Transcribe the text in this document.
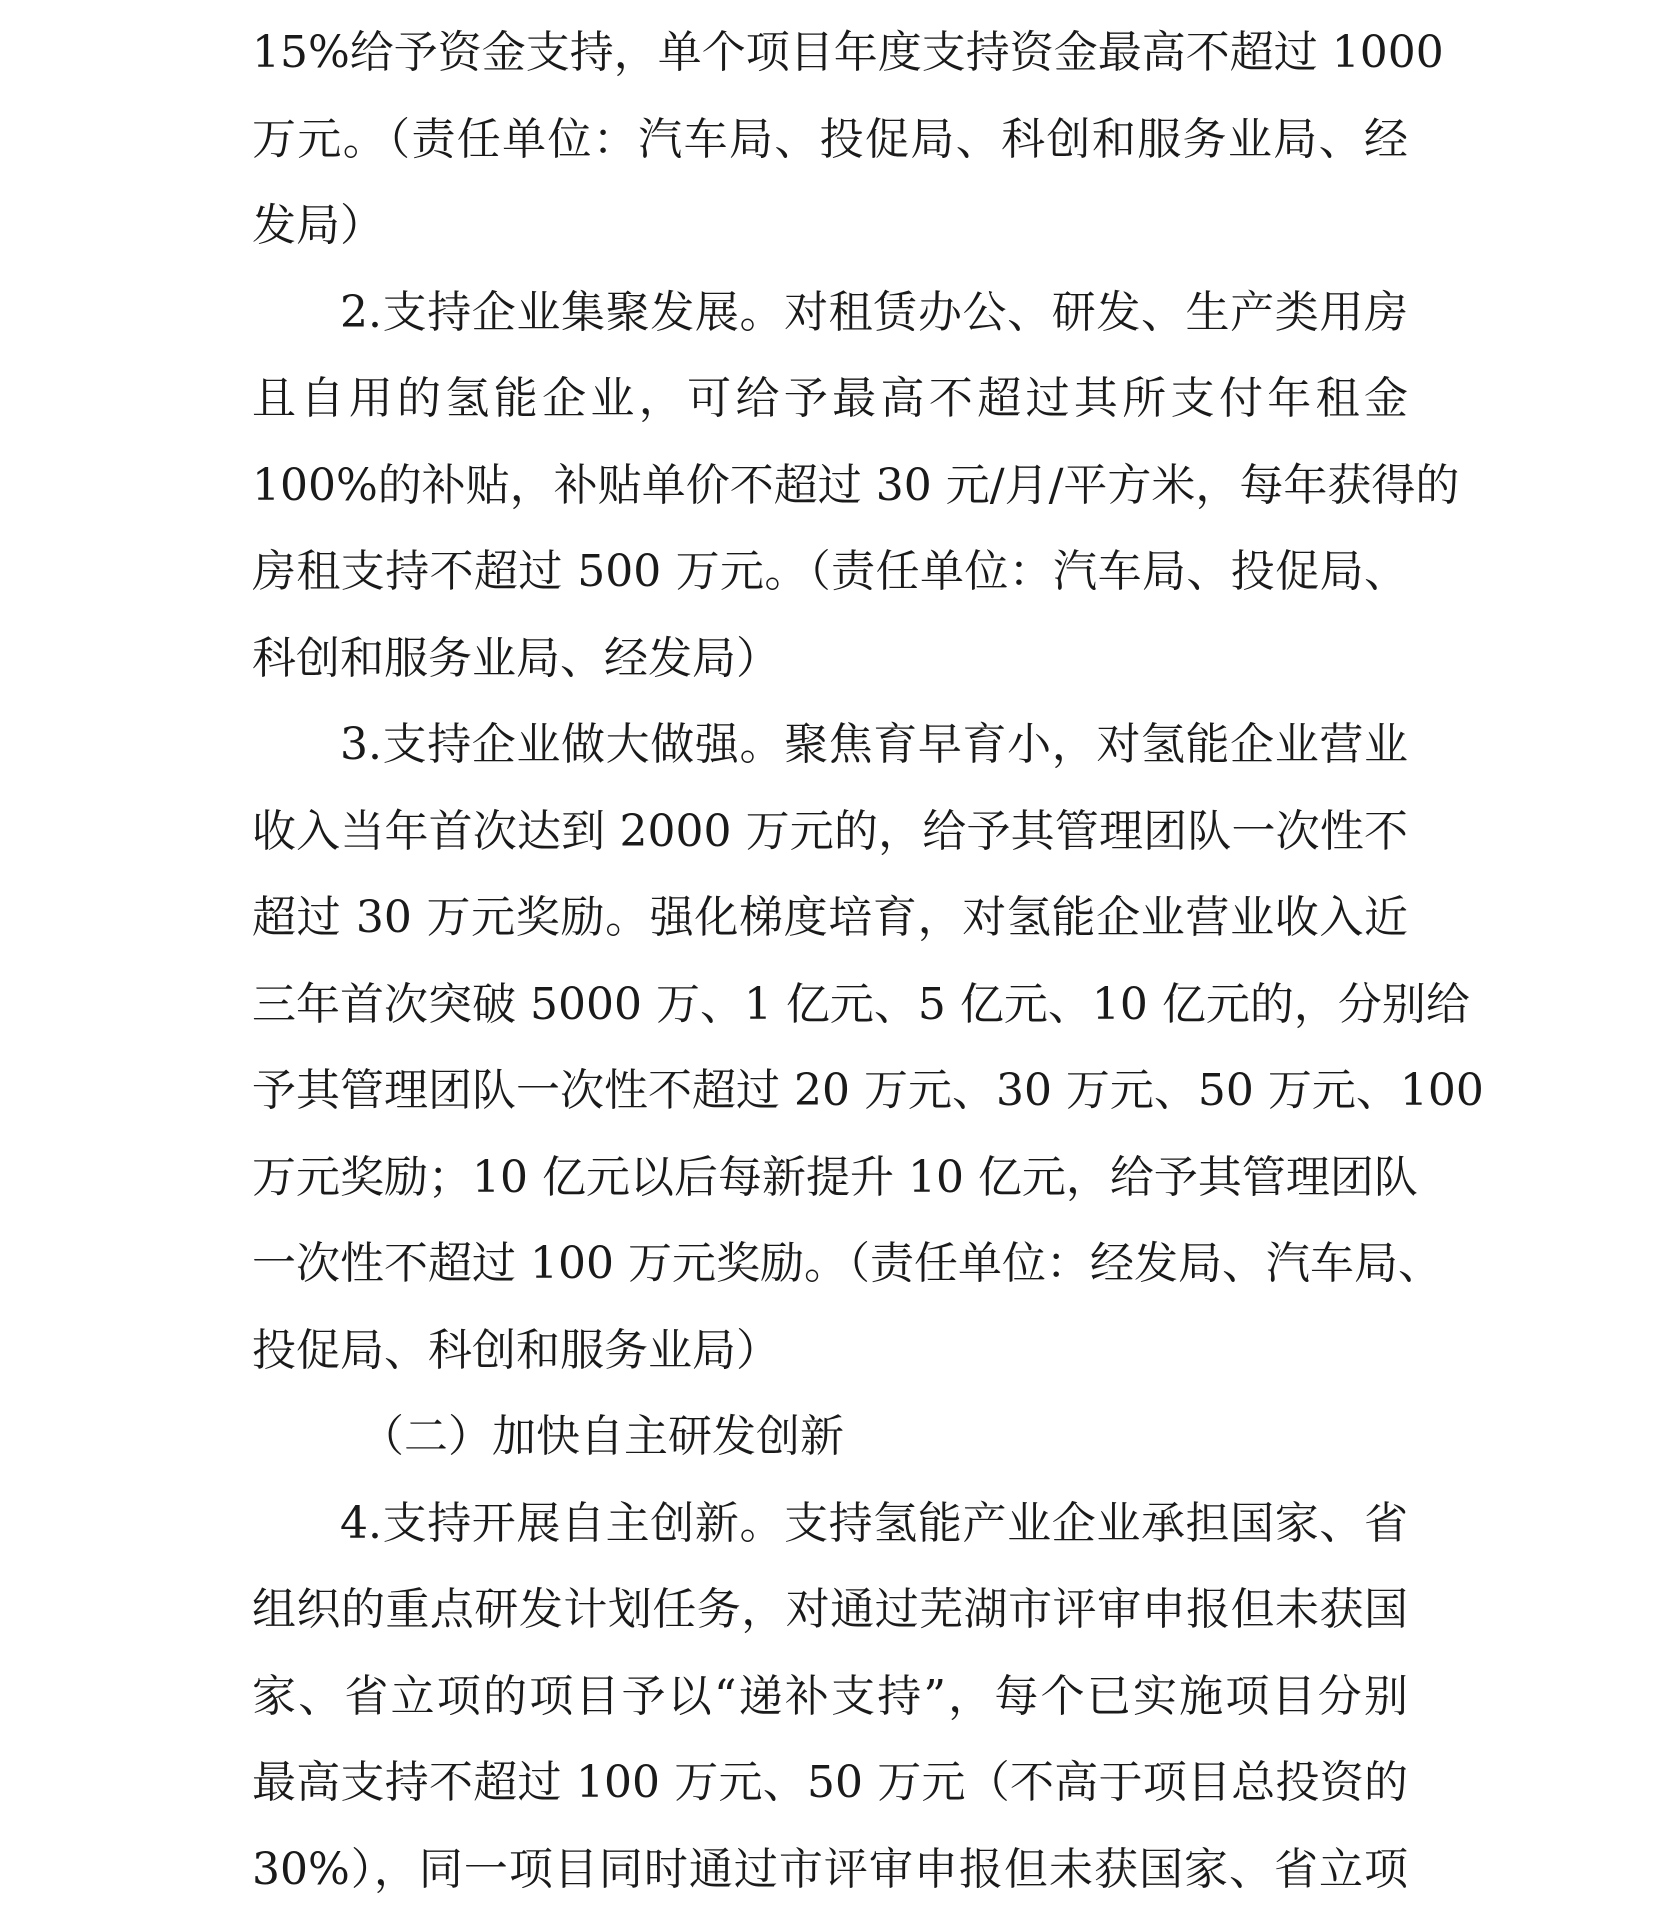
15%给予资金支持，单个项目年度支持资金最高不超过 1000
万元。（责任单位：汽车局、投促局、科创和服务业局、经
发局）
2.支持企业集聚发展。对租赁办公、研发、生产类用房
且自用的氢能企业，可给予最高不超过其所支付年租金
100%的补贴，补贴单价不超过 30 元/月/平方米，每年获得的
房租支持不超过 500 万元。（责任单位：汽车局、投促局、
科创和服务业局、经发局）
3.支持企业做大做强。聚焦育早育小，对氢能企业营业
收入当年首次达到 2000 万元的，给予其管理团队一次性不
超过 30 万元奖励。强化梯度培育，对氢能企业营业收入近
三年首次突破 5000 万、1 亿元、5 亿元、10 亿元的，分别给
予其管理团队一次性不超过 20 万元、30 万元、50 万元、100
万元奖励；10 亿元以后每新提升 10 亿元，给予其管理团队
一次性不超过 100 万元奖励。（责任单位：经发局、汽车局、
投促局、科创和服务业局）
（二）加快自主研发创新
4.支持开展自主创新。支持氢能产业企业承担国家、省
组织的重点研发计划任务，对通过芜湖市评审申报但未获国
家、省立项的项目予以“递补支持”，每个已实施项目分别
最高支持不超过 100 万元、50 万元（不高于项目总投资的
30%），同一项目同时通过市评审申报但未获国家、省立项
